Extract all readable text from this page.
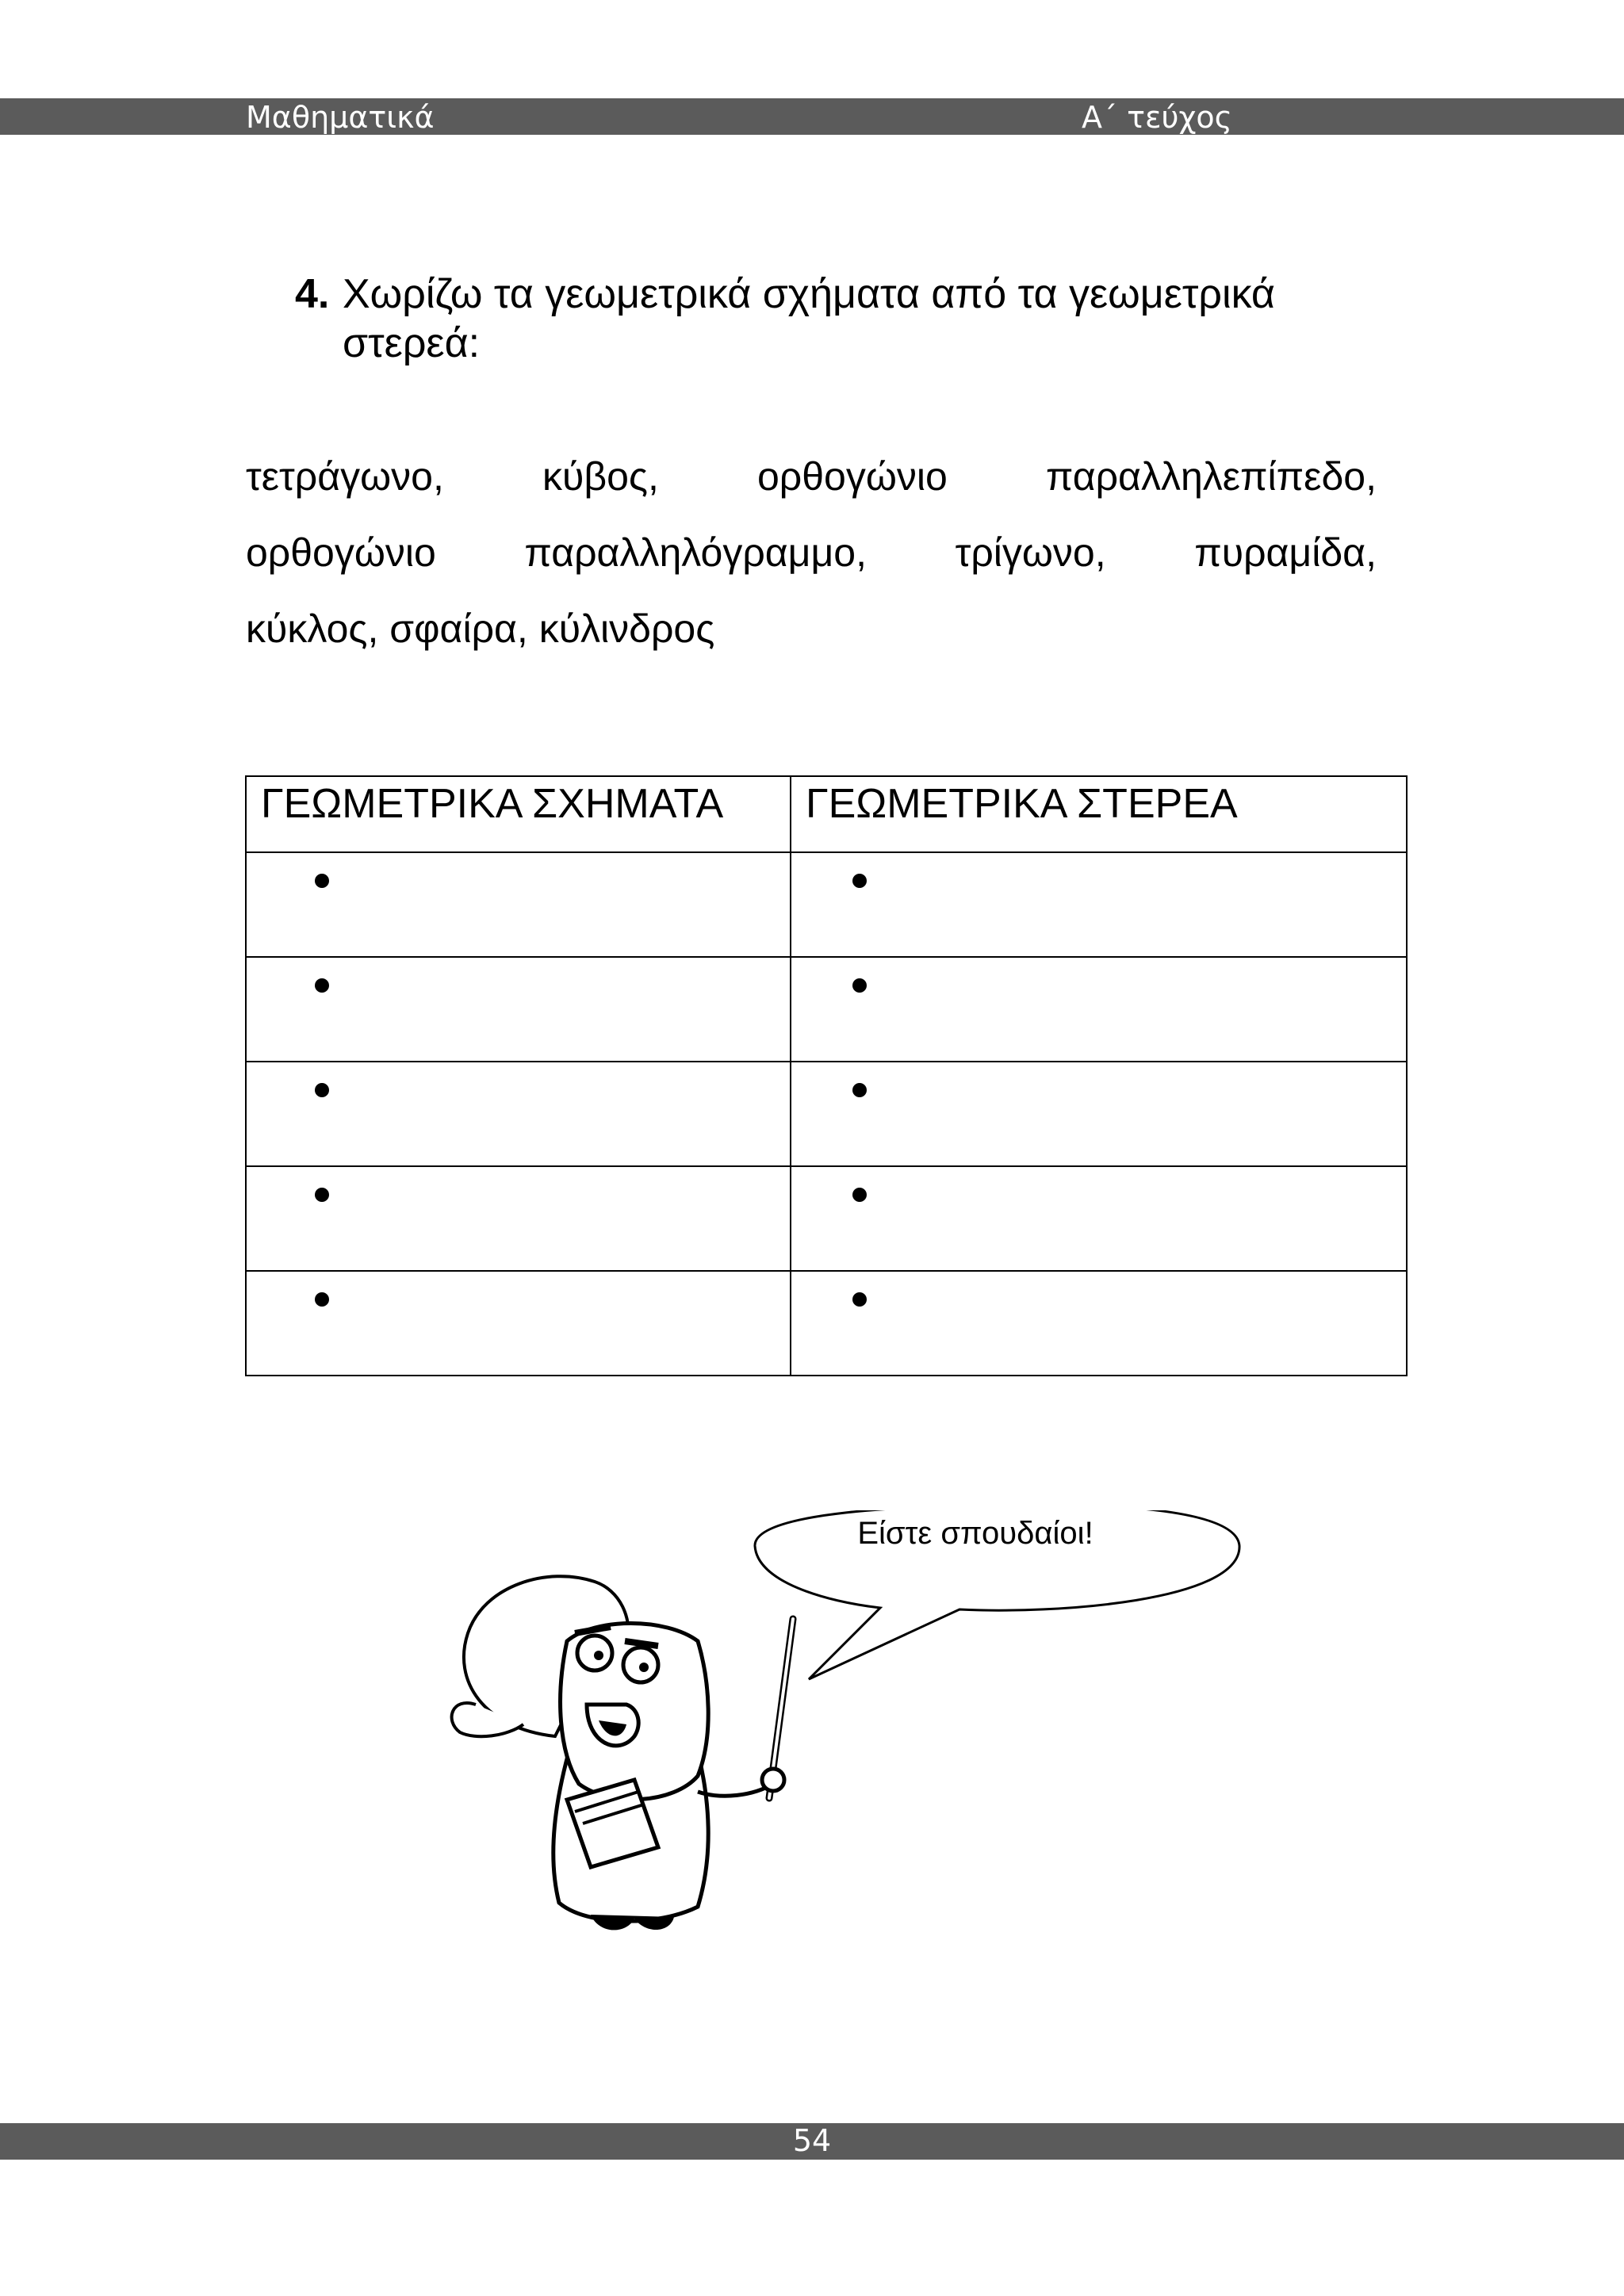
Μαθηματικά	Α΄ τεύχος
4. Χωρίζω τα γεωμετρικά σχήματα από τα γεωμετρικά στερεά:
τετράγωνο, κύβος, ορθογώνιο παραλληλεπίπεδο,
ορθογώνιο παραλληλόγραμμο, τρίγωνο, πυραμίδα,
κύκλος, σφαίρα, κύλινδρος
ΓΕΩΜΕΤΡΙΚΑ ΣΧΗΜΑΤΑ	ΓΕΩΜΕΤΡΙΚΑ ΣΤΕΡΕΑ

Είστε σπουδαίοι!
54
